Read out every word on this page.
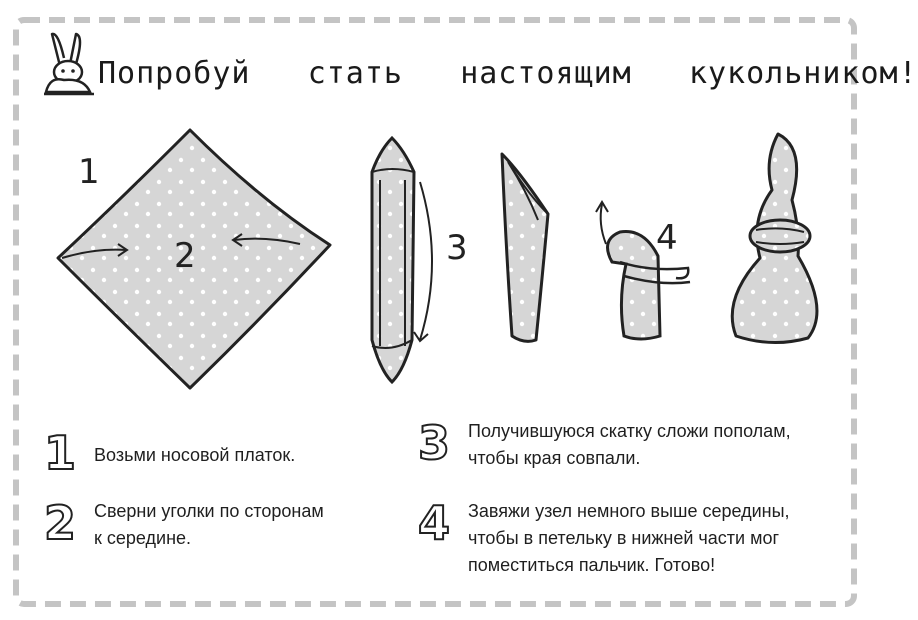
Попробуй стать настоящим кукольником!
1
2	3	4
1 Возьми носовой платок.
2 Сверни уголки по сторонам
к середине.
3 Получившуюся скатку сложи пополам,
чтобы края совпали.
4 Завяжи узел немного выше середины,
чтобы в петельку в нижней части мог
поместиться пальчик. Готово!
